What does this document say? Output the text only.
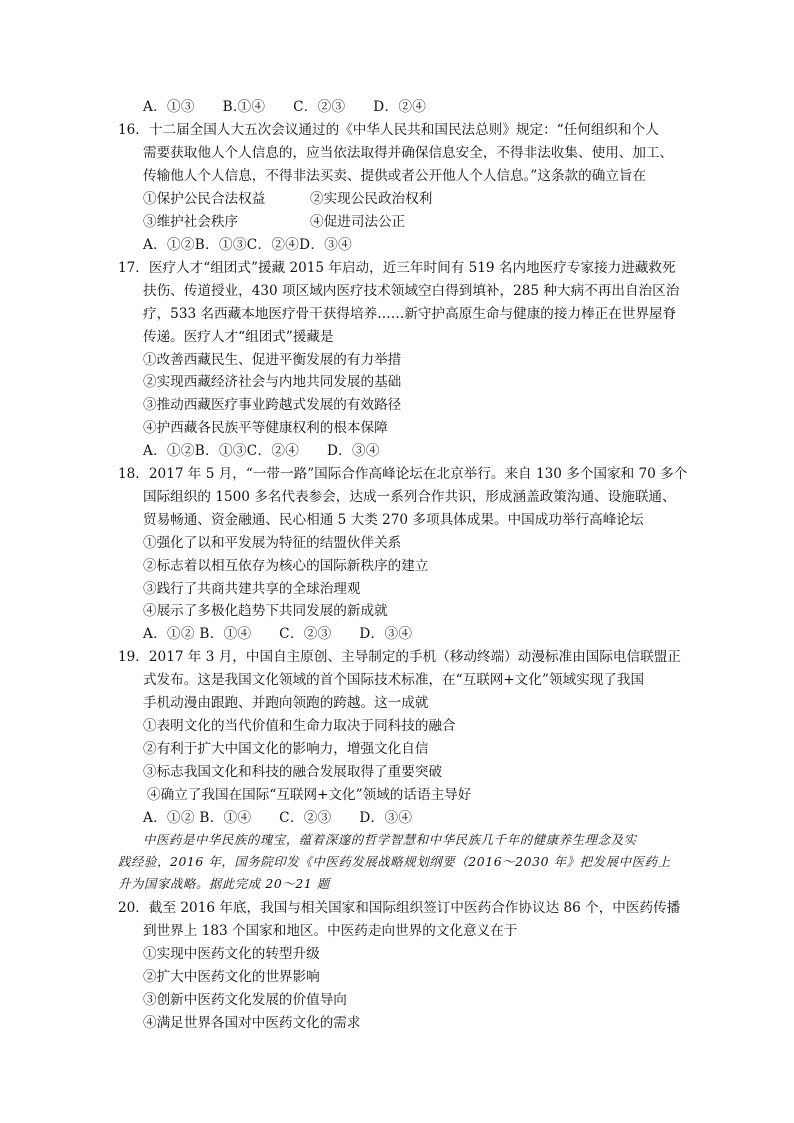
A．①③　　B.①④　　C．②③　　D．②④
16．十二届全国人大五次会议通过的《中华人民共和国民法总则》规定：“任何组织和个人
需要获取他人个人信息的，应当依法取得并确保信息安全，不得非法收集、使用、加工、
传输他人个人信息，不得非法买卖、提供或者公开他人个人信息。”这条款的确立旨在
①保护公民合法权益	②实现公民政治权利
③维护社会秩序	④促进司法公正
A．①②B．①③C．②④D．③④
17．医疗人才“组团式”援藏 2015 年启动，近三年时间有 519 名内地医疗专家接力进藏救死
扶伤、传道授业，430 项区域内医疗技术领域空白得到填补，285 种大病不再出自治区治
疗，533 名西藏本地医疗骨干获得培养……新守护高原生命与健康的接力棒正在世界屋脊
传递。医疗人才“组团式”援藏是
①改善西藏民生、促进平衡发展的有力举措
②实现西藏经济社会与内地共同发展的基础
③推动西藏医疗事业跨越式发展的有效路径
④护西藏各民族平等健康权利的根本保障
A．①②B．①③C．②④　　D．③④
18．2017 年 5 月，“一带一路”国际合作高峰论坛在北京举行。来自 130 多个国家和 70 多个
国际组织的 1500 多名代表参会，达成一系列合作共识，形成涵盖政策沟通、设施联通、
贸易畅通、资金融通、民心相通 5 大类 270 多项具体成果。中国成功举行高峰论坛
①强化了以和平发展为特征的结盟伙伴关系
②标志着以相互依存为核心的国际新秩序的建立
③践行了共商共建共享的全球治理观
④展示了多极化趋势下共同发展的新成就
A．①② B．①④　　C．②③　　D．③④
19．2017 年 3 月，中国自主原创、主导制定的手机（移动终端）动漫标准由国际电信联盟正
式发布。这是我国文化领域的首个国际技术标准，在“互联网+文化”领域实现了我国
手机动漫由跟跑、并跑向领跑的跨越。这一成就
①表明文化的当代价值和生命力取决于同科技的融合
②有利于扩大中国文化的影响力，增强文化自信
③标志我国文化和科技的融合发展取得了重要突破
④确立了我国在国际“互联网+文化”领域的话语主导好
A．①② B．①④　　C．②③　　D．③④
中医药是中华民族的瑰宝，蕴着深邃的哲学智慧和中华民族几千年的健康养生理念及实
践经验，2016 年，国务院印发《中医药发展战略规划纲要（2016～2030 年》把发展中医药上
升为国家战略。据此完成 20～21 题
20．截至 2016 年底，我国与相关国家和国际组织签订中医药合作协议达 86 个，中医药传播
到世界上 183 个国家和地区。中医药走向世界的文化意义在于
①实现中医药文化的转型升级
②扩大中医药文化的世界影响
③创新中医药文化发展的价值导向
④满足世界各国对中医药文化的需求
